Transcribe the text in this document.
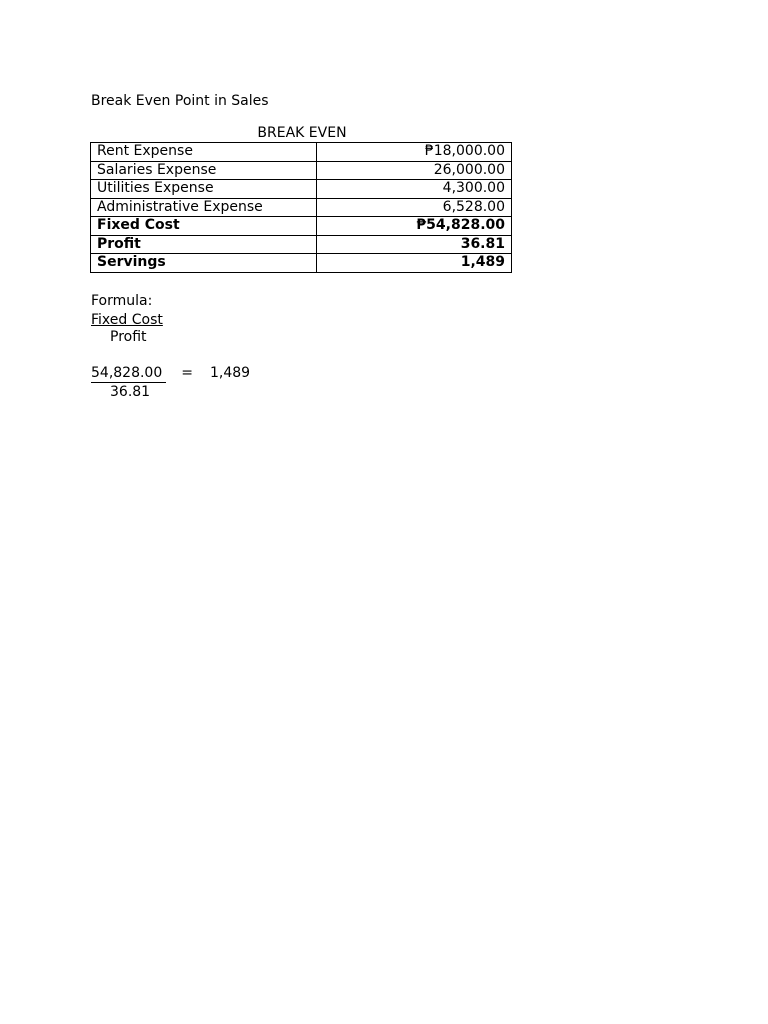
Break Even Point in Sales
BREAK EVEN
Rent Expense	₱18,000.00
Salaries Expense	26,000.00
Utilities Expense	4,300.00
Administrative Expense	6,528.00
Fixed Cost	₱54,828.00
Profit	36.81
Servings	1,489
Formula:
Fixed Cost
Profit
54,828.00 = 1,489
36.81
